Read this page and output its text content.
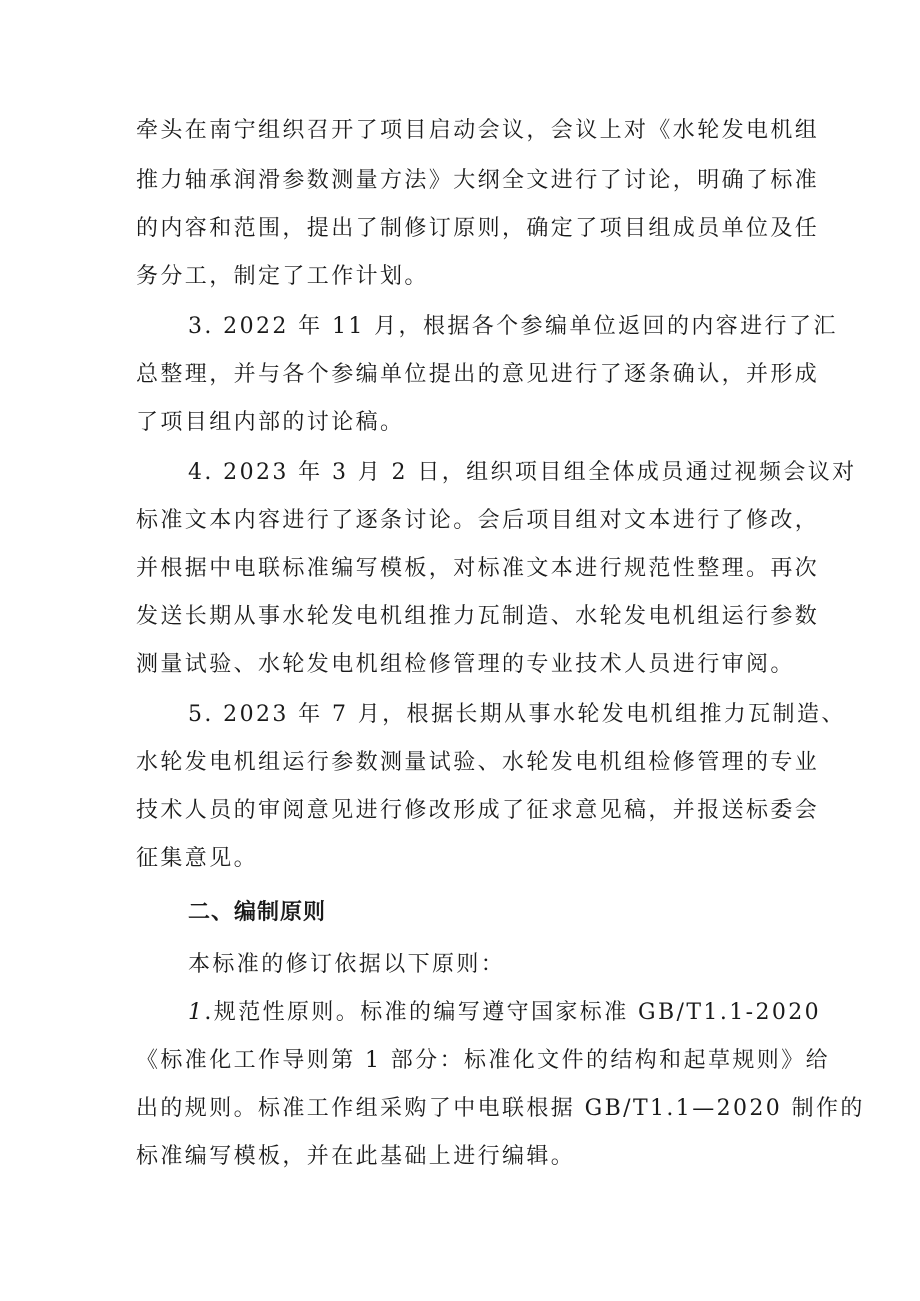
牵头在南宁组织召开了项目启动会议，会议上对《水轮发电机组
推力轴承润滑参数测量方法》大纲全文进行了讨论，明确了标准
的内容和范围，提出了制修订原则，确定了项目组成员单位及任
务分工，制定了工作计划。
3. 2022 年 11 月，根据各个参编单位返回的内容进行了汇
总整理，并与各个参编单位提出的意见进行了逐条确认，并形成
了项目组内部的讨论稿。
4. 2023 年 3 月 2 日，组织项目组全体成员通过视频会议对
标准文本内容进行了逐条讨论。会后项目组对文本进行了修改，
并根据中电联标准编写模板，对标准文本进行规范性整理。再次
发送长期从事水轮发电机组推力瓦制造、水轮发电机组运行参数
测量试验、水轮发电机组检修管理的专业技术人员进行审阅。
5. 2023 年 7 月，根据长期从事水轮发电机组推力瓦制造、
水轮发电机组运行参数测量试验、水轮发电机组检修管理的专业
技术人员的审阅意见进行修改形成了征求意见稿，并报送标委会
征集意见。
二、编制原则
本标准的修订依据以下原则：
1.规范性原则。标准的编写遵守国家标准 GB/T1.1-2020
《标准化工作导则第 1 部分：标准化文件的结构和起草规则》给
出的规则。标准工作组采购了中电联根据 GB/T1.1—2020 制作的
标准编写模板，并在此基础上进行编辑。
